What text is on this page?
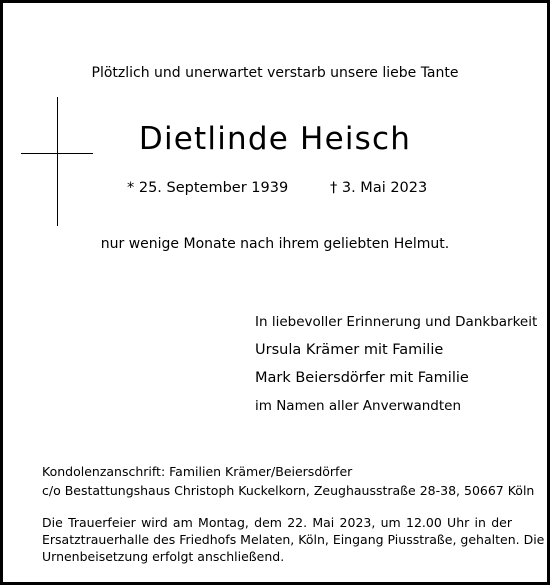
Plötzlich und unerwartet verstarb unsere liebe Tante
Dietlinde Heisch
* 25. September 1939	† 3. Mai 2023
nur wenige Monate nach ihrem geliebten Helmut.
In liebevoller Erinnerung und Dankbarkeit
Ursula Krämer mit Familie
Mark Beiersdörfer mit Familie
im Namen aller Anverwandten
Kondolenzanschrift: Familien Krämer/Beiersdörfer
c/o Bestattungshaus Christoph Kuckelkorn, Zeughausstraße 28-38, 50667 Köln
Die Trauerfeier wird am Montag, dem 22. Mai 2023, um 12.00 Uhr in der
Ersatztrauerhalle des Friedhofs Melaten, Köln, Eingang Piusstraße, gehalten. Die
Urnenbeisetzung erfolgt anschließend.
